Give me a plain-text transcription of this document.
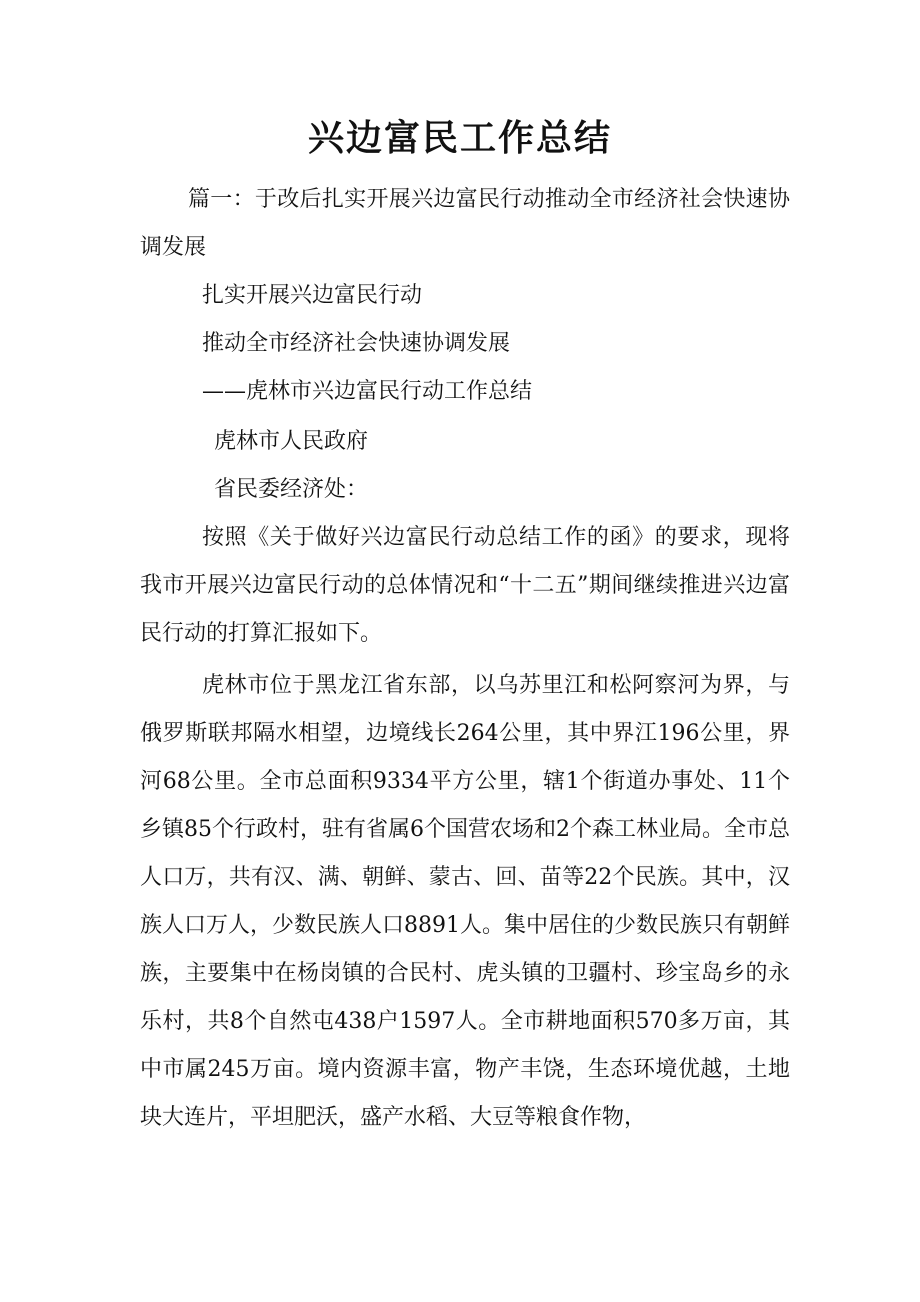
兴边富民工作总结

篇一：于改后扎实开展兴边富民行动推动全市经济社会快速协调发展

扎实开展兴边富民行动

推动全市经济社会快速协调发展

——虎林市兴边富民行动工作总结

虎林市人民政府

省民委经济处：

按照《关于做好兴边富民行动总结工作的函》的要求，现将我市开展兴边富民行动的总体情况和“十二五”期间继续推进兴边富民行动的打算汇报如下。

虎林市位于黑龙江省东部，以乌苏里江和松阿察河为界，与俄罗斯联邦隔水相望，边境线长264公里，其中界江196公里，界河68公里。全市总面积9334平方公里，辖1个街道办事处、11个乡镇85个行政村，驻有省属6个国营农场和2个森工林业局。全市总人口万，共有汉、满、朝鲜、蒙古、回、苗等22个民族。其中，汉族人口万人，少数民族人口8891人。集中居住的少数民族只有朝鲜族，主要集中在杨岗镇的合民村、虎头镇的卫疆村、珍宝岛乡的永乐村，共8个自然屯438户1597人。全市耕地面积570多万亩，其中市属245万亩。境内资源丰富，物产丰饶，生态环境优越，土地块大连片，平坦肥沃，盛产水稻、大豆等粮食作物，
